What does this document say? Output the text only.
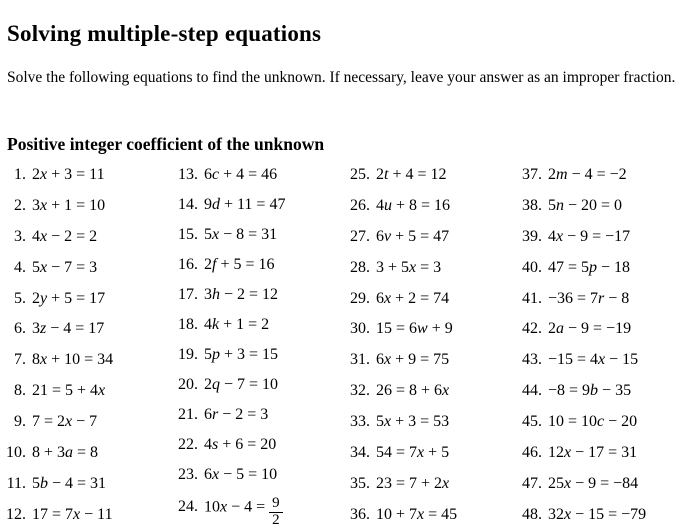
Solving multiple-step equations

Solve the following equations to find the unknown. If necessary, leave your answer as an improper fraction.

Positive integer coefficient of the unknown
1. 2x + 3 = 11
2. 3x + 1 = 10
3. 4x − 2 = 2
4. 5x − 7 = 3
5. 2y + 5 = 17
6. 3z − 4 = 17
7. 8x + 10 = 34
8. 21 = 5 + 4x
9. 7 = 2x − 7
10. 8 + 3a = 8
11. 5b − 4 = 31
12. 17 = 7x − 11
13. 6c + 4 = 46
14. 9d + 11 = 47
15. 5x − 8 = 31
16. 2f + 5 = 16
17. 3h − 2 = 12
18. 4k + 1 = 2
19. 5p + 3 = 15
20. 2q − 7 = 10
21. 6r − 2 = 3
22. 4s + 6 = 20
23. 6x − 5 = 10
24. $10x - 4 = \frac{9}{2}$
25. 2t + 4 = 12
26. 4u + 8 = 16
27. 6v + 5 = 47
28. 3 + 5x = 3
29. 6x + 2 = 74
30. 15 = 6w + 9
31. 6x + 9 = 75
32. 26 = 8 + 6x
33. 5x + 3 = 53
34. 54 = 7x + 5
35. 23 = 7 + 2x
36. 10 + 7x = 45
37. 2m − 4 = −2
38. 5n − 20 = 0
39. 4x − 9 = −17
40. 47 = 5p − 18
41. −36 = 7r − 8
42. 2a − 9 = −19
43. −15 = 4x − 15
44. −8 = 9b − 35
45. 10 = 10c − 20
46. 12x − 17 = 31
47. 25x − 9 = −84
48. 32x − 15 = −79
